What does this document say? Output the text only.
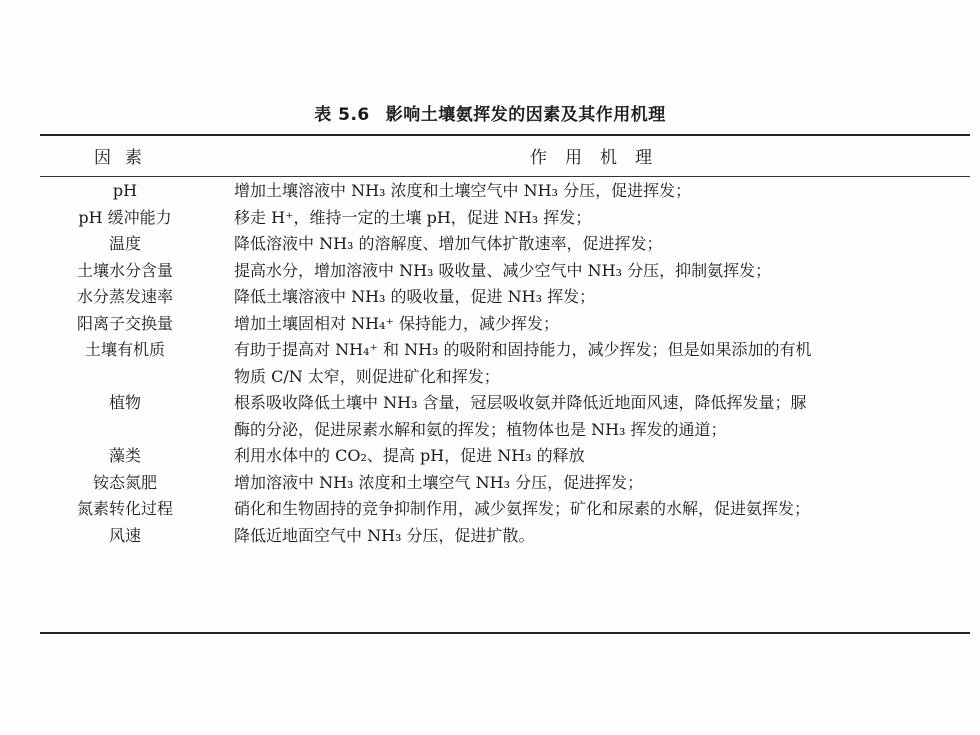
表 5.6 影响土壤氨挥发的因素及其作用机理
因素	作用机理
pH	增加土壤溶液中 NH₃ 浓度和土壤空气中 NH₃ 分压，促进挥发；
pH 缓冲能力	移走 H⁺，维持一定的土壤 pH，促进 NH₃ 挥发；
温度	降低溶液中 NH₃ 的溶解度、增加气体扩散速率，促进挥发；
土壤水分含量	提高水分，增加溶液中 NH₃ 吸收量、减少空气中 NH₃ 分压，抑制氨挥发；
水分蒸发速率	降低土壤溶液中 NH₃ 的吸收量，促进 NH₃ 挥发；
阳离子交换量	增加土壤固相对 NH₄⁺ 保持能力，减少挥发；
土壤有机质	有助于提高对 NH₄⁺ 和 NH₃ 的吸附和固持能力，减少挥发；但是如果添加的有机
物质 C/N 太窄，则促进矿化和挥发；
植物	根系吸收降低土壤中 NH₃ 含量，冠层吸收氨并降低近地面风速，降低挥发量；脲
酶的分泌，促进尿素水解和氨的挥发；植物体也是 NH₃ 挥发的通道；
藻类	利用水体中的 CO₂、提高 pH，促进 NH₃ 的释放
铵态氮肥	增加溶液中 NH₃ 浓度和土壤空气 NH₃ 分压，促进挥发；
氮素转化过程	硝化和生物固持的竞争抑制作用，减少氨挥发；矿化和尿素的水解，促进氨挥发；
风速	降低近地面空气中 NH₃ 分压，促进扩散。
